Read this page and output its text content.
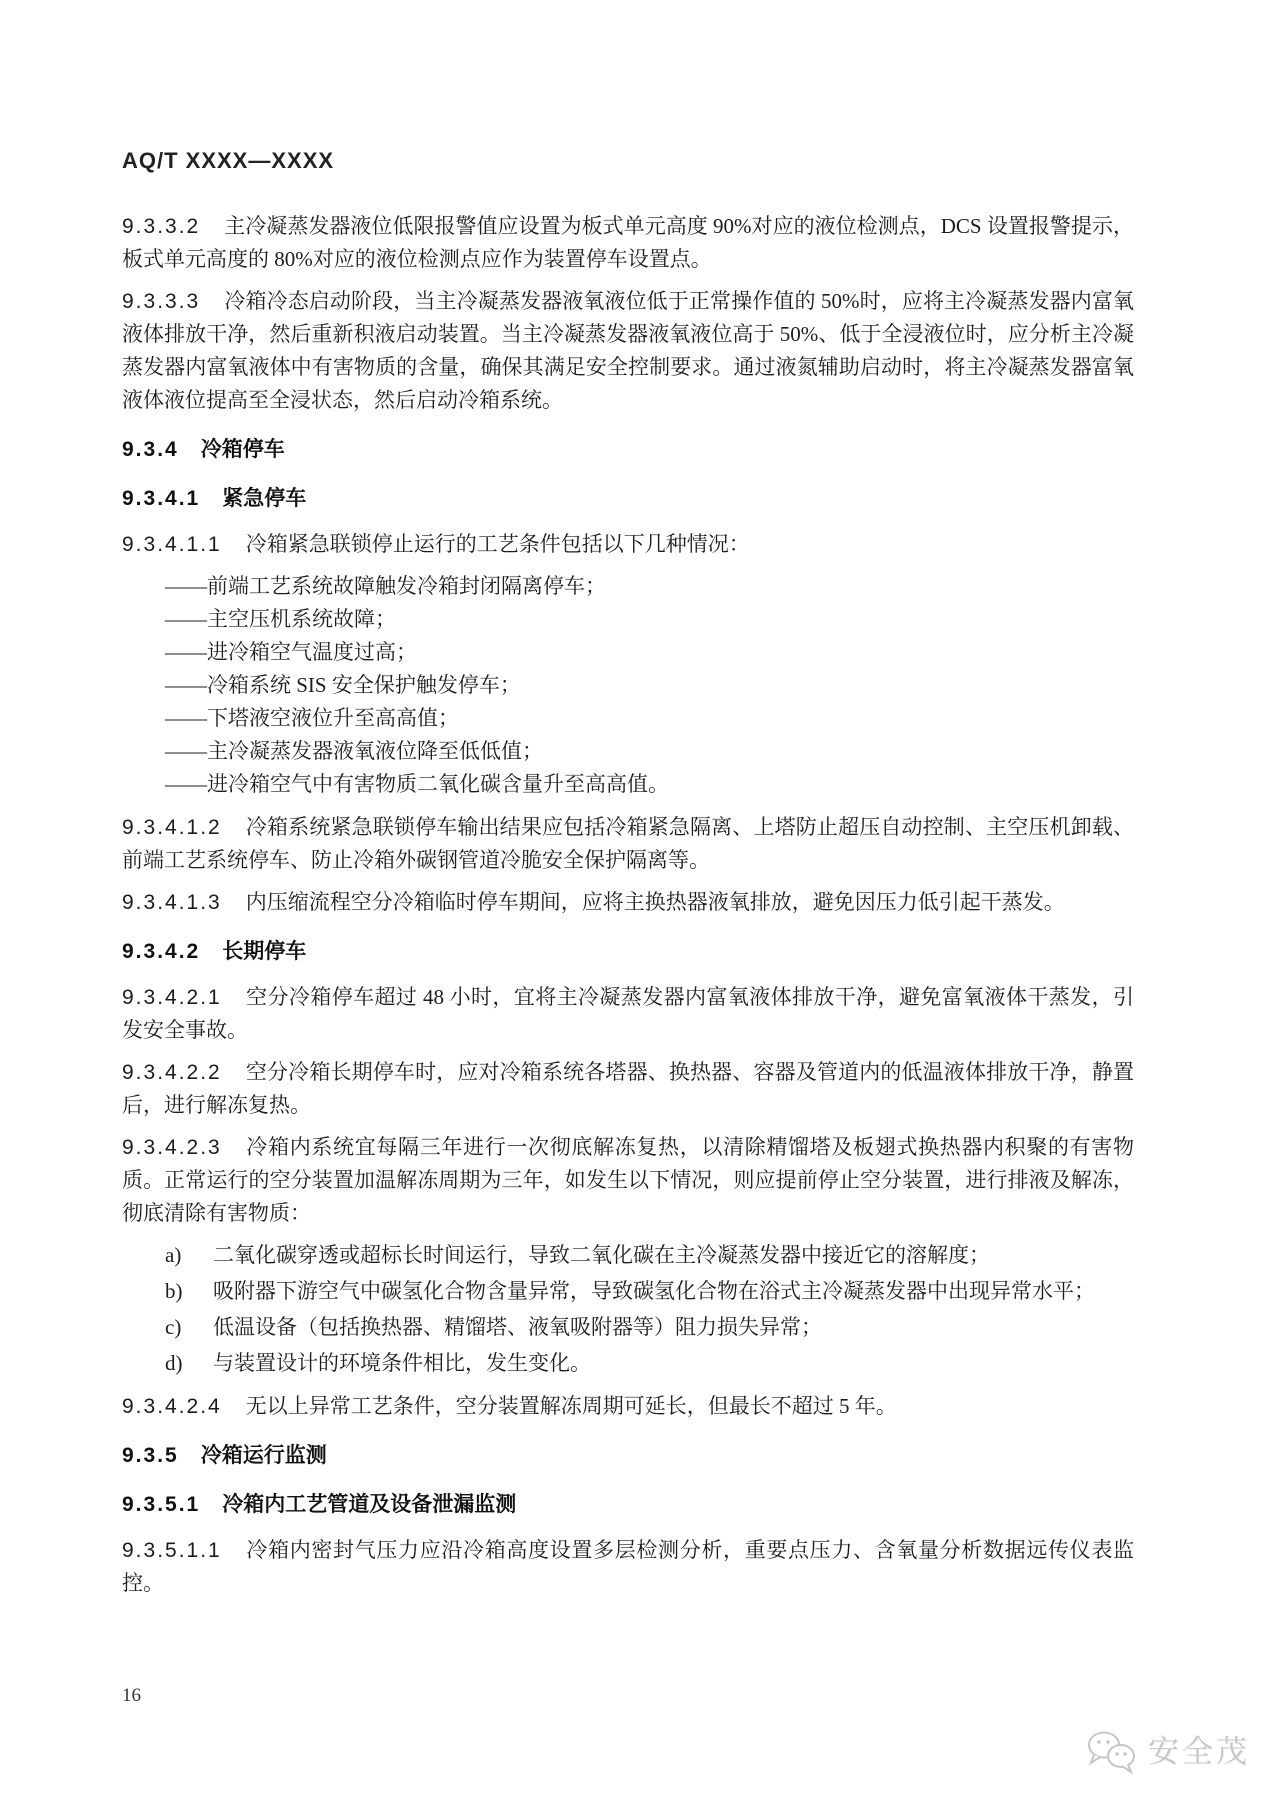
AQ/T XXXX—XXXX

9.3.3.2 主冷凝蒸发器液位低限报警值应设置为板式单元高度 90%对应的液位检测点，DCS 设置报警提示，板式单元高度的 80%对应的液位检测点应作为装置停车设置点。

9.3.3.3 冷箱冷态启动阶段，当主冷凝蒸发器液氧液位低于正常操作值的 50%时，应将主冷凝蒸发器内富氧液体排放干净，然后重新积液启动装置。当主冷凝蒸发器液氧液位高于 50%、低于全浸液位时，应分析主冷凝蒸发器内富氧液体中有害物质的含量，确保其满足安全控制要求。通过液氮辅助启动时，将主冷凝蒸发器富氧液体液位提高至全浸状态，然后启动冷箱系统。

9.3.4 冷箱停车
9.3.4.1 紧急停车

9.3.4.1.1 冷箱紧急联锁停止运行的工艺条件包括以下几种情况：

——前端工艺系统故障触发冷箱封闭隔离停车；
——主空压机系统故障；
——进冷箱空气温度过高；
——冷箱系统 SIS 安全保护触发停车；
——下塔液空液位升至高高值；
——主冷凝蒸发器液氧液位降至低低值；
——进冷箱空气中有害物质二氧化碳含量升至高高值。

9.3.4.1.2 冷箱系统紧急联锁停车输出结果应包括冷箱紧急隔离、上塔防止超压自动控制、主空压机卸载、前端工艺系统停车、防止冷箱外碳钢管道冷脆安全保护隔离等。

9.3.4.1.3 内压缩流程空分冷箱临时停车期间，应将主换热器液氧排放，避免因压力低引起干蒸发。

9.3.4.2 长期停车

9.3.4.2.1 空分冷箱停车超过 48 小时，宜将主冷凝蒸发器内富氧液体排放干净，避免富氧液体干蒸发，引发安全事故。

9.3.4.2.2 空分冷箱长期停车时，应对冷箱系统各塔器、换热器、容器及管道内的低温液体排放干净，静置后，进行解冻复热。

9.3.4.2.3 冷箱内系统宜每隔三年进行一次彻底解冻复热，以清除精馏塔及板翅式换热器内积聚的有害物质。正常运行的空分装置加温解冻周期为三年，如发生以下情况，则应提前停止空分装置，进行排液及解冻，彻底清除有害物质：

a) 二氧化碳穿透或超标长时间运行，导致二氧化碳在主冷凝蒸发器中接近它的溶解度；
b) 吸附器下游空气中碳氢化合物含量异常，导致碳氢化合物在浴式主冷凝蒸发器中出现异常水平；
c) 低温设备（包括换热器、精馏塔、液氧吸附器等）阻力损失异常；
d) 与装置设计的环境条件相比，发生变化。

9.3.4.2.4 无以上异常工艺条件，空分装置解冻周期可延长，但最长不超过 5 年。

9.3.5 冷箱运行监测
9.3.5.1 冷箱内工艺管道及设备泄漏监测

9.3.5.1.1 冷箱内密封气压力应沿冷箱高度设置多层检测分析，重要点压力、含氧量分析数据远传仪表监控。

16
安全茂
